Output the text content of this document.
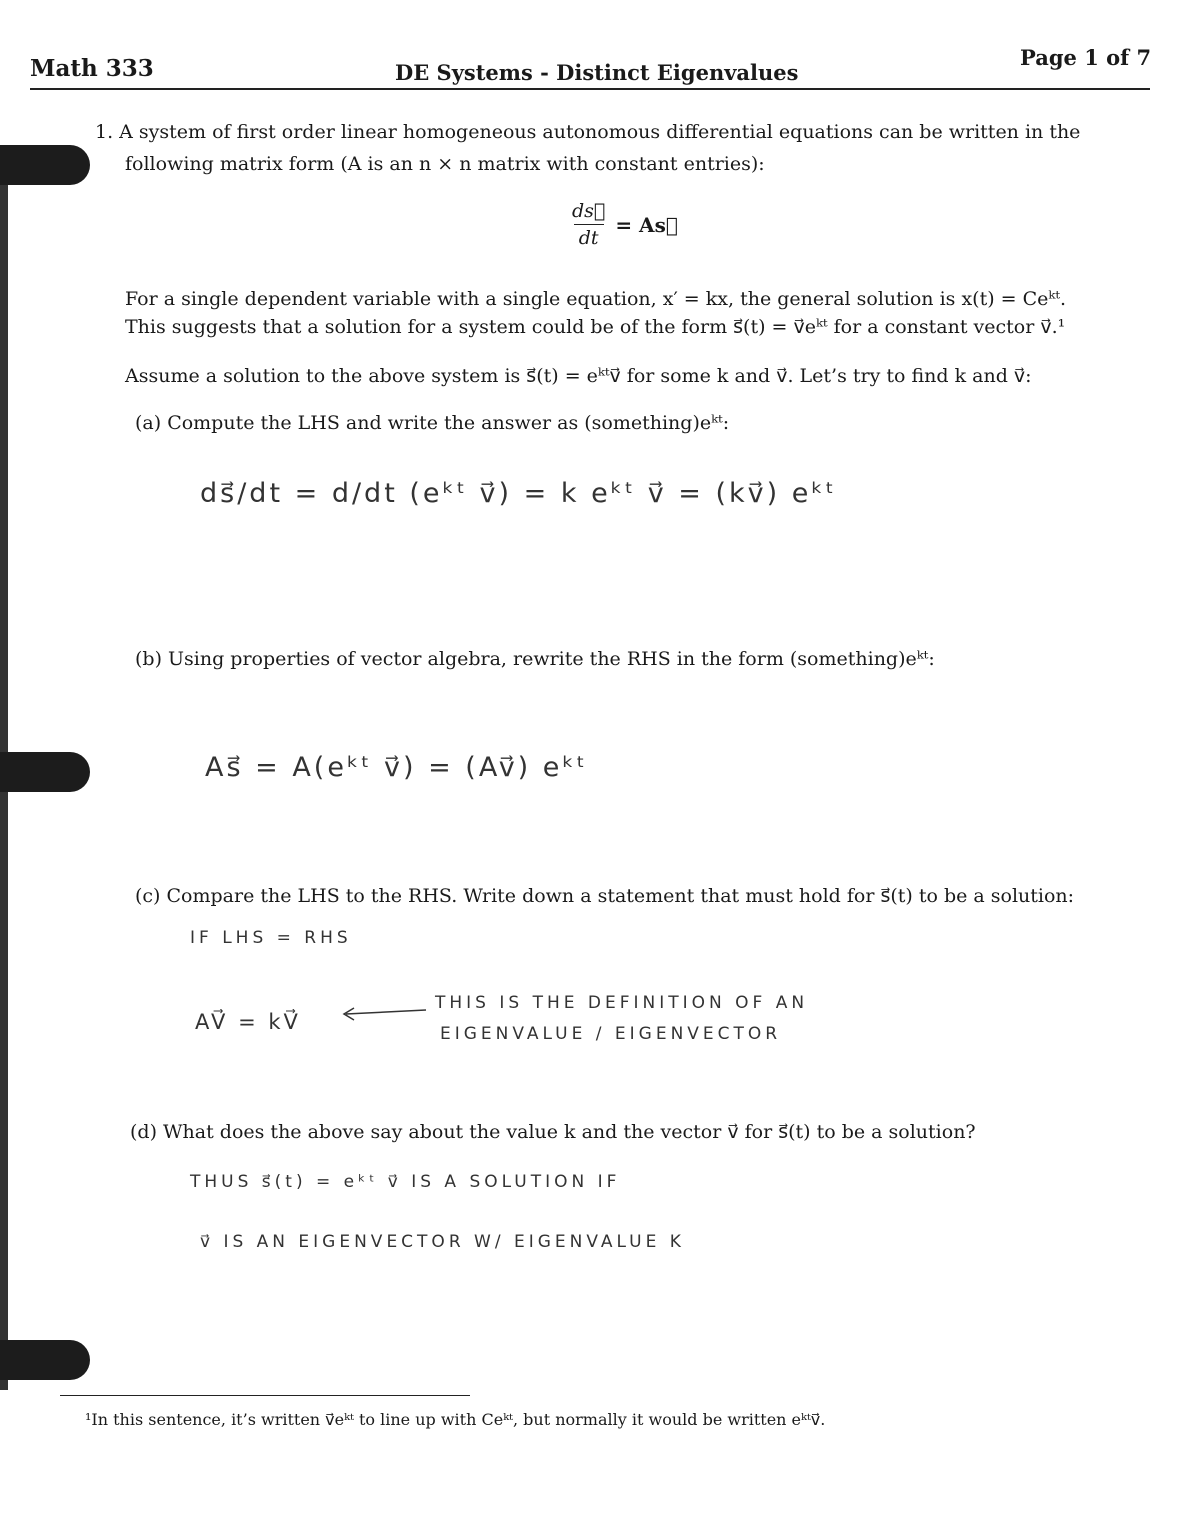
Math 333	DE Systems - Distinct Eigenvalues
Page 1 of 7
1. A system of first order linear homogeneous autonomous differential equations can be written in the
following matrix form (A is an n × n matrix with constant entries):
$\frac{ds⃗}{dt}$ = As⃗
For a single dependent variable with a single equation, x′ = kx, the general solution is x(t) = Ceᵏᵗ.
This suggests that a solution for a system could be of the form s⃗(t) = v⃗eᵏᵗ for a constant vector v⃗.¹
Assume a solution to the above system is s⃗(t) = eᵏᵗv⃗ for some k and v⃗. Let’s try to find k and v⃗:
(a) Compute the LHS and write the answer as (something)eᵏᵗ:
ds⃗/dt = d/dt (eᵏᵗ v⃗) = k eᵏᵗ v⃗ = (kv⃗) eᵏᵗ
(b) Using properties of vector algebra, rewrite the RHS in the form (something)eᵏᵗ:
As⃗ = A(eᵏᵗ v⃗) = (Av⃗) eᵏᵗ
(c) Compare the LHS to the RHS. Write down a statement that must hold for s⃗(t) to be a solution:
IF LHS = RHS
AV⃗ = kV⃗
THIS IS THE DEFINITION OF AN
EIGENVALUE / EIGENVECTOR
(d) What does the above say about the value k and the vector v⃗ for s⃗(t) to be a solution?
THUS s⃗(t) = eᵏᵗ v⃗ IS A SOLUTION IF
v⃗ IS AN EIGENVECTOR W/ EIGENVALUE K
¹In this sentence, it’s written v⃗eᵏᵗ to line up with Ceᵏᵗ, but normally it would be written eᵏᵗv⃗.
